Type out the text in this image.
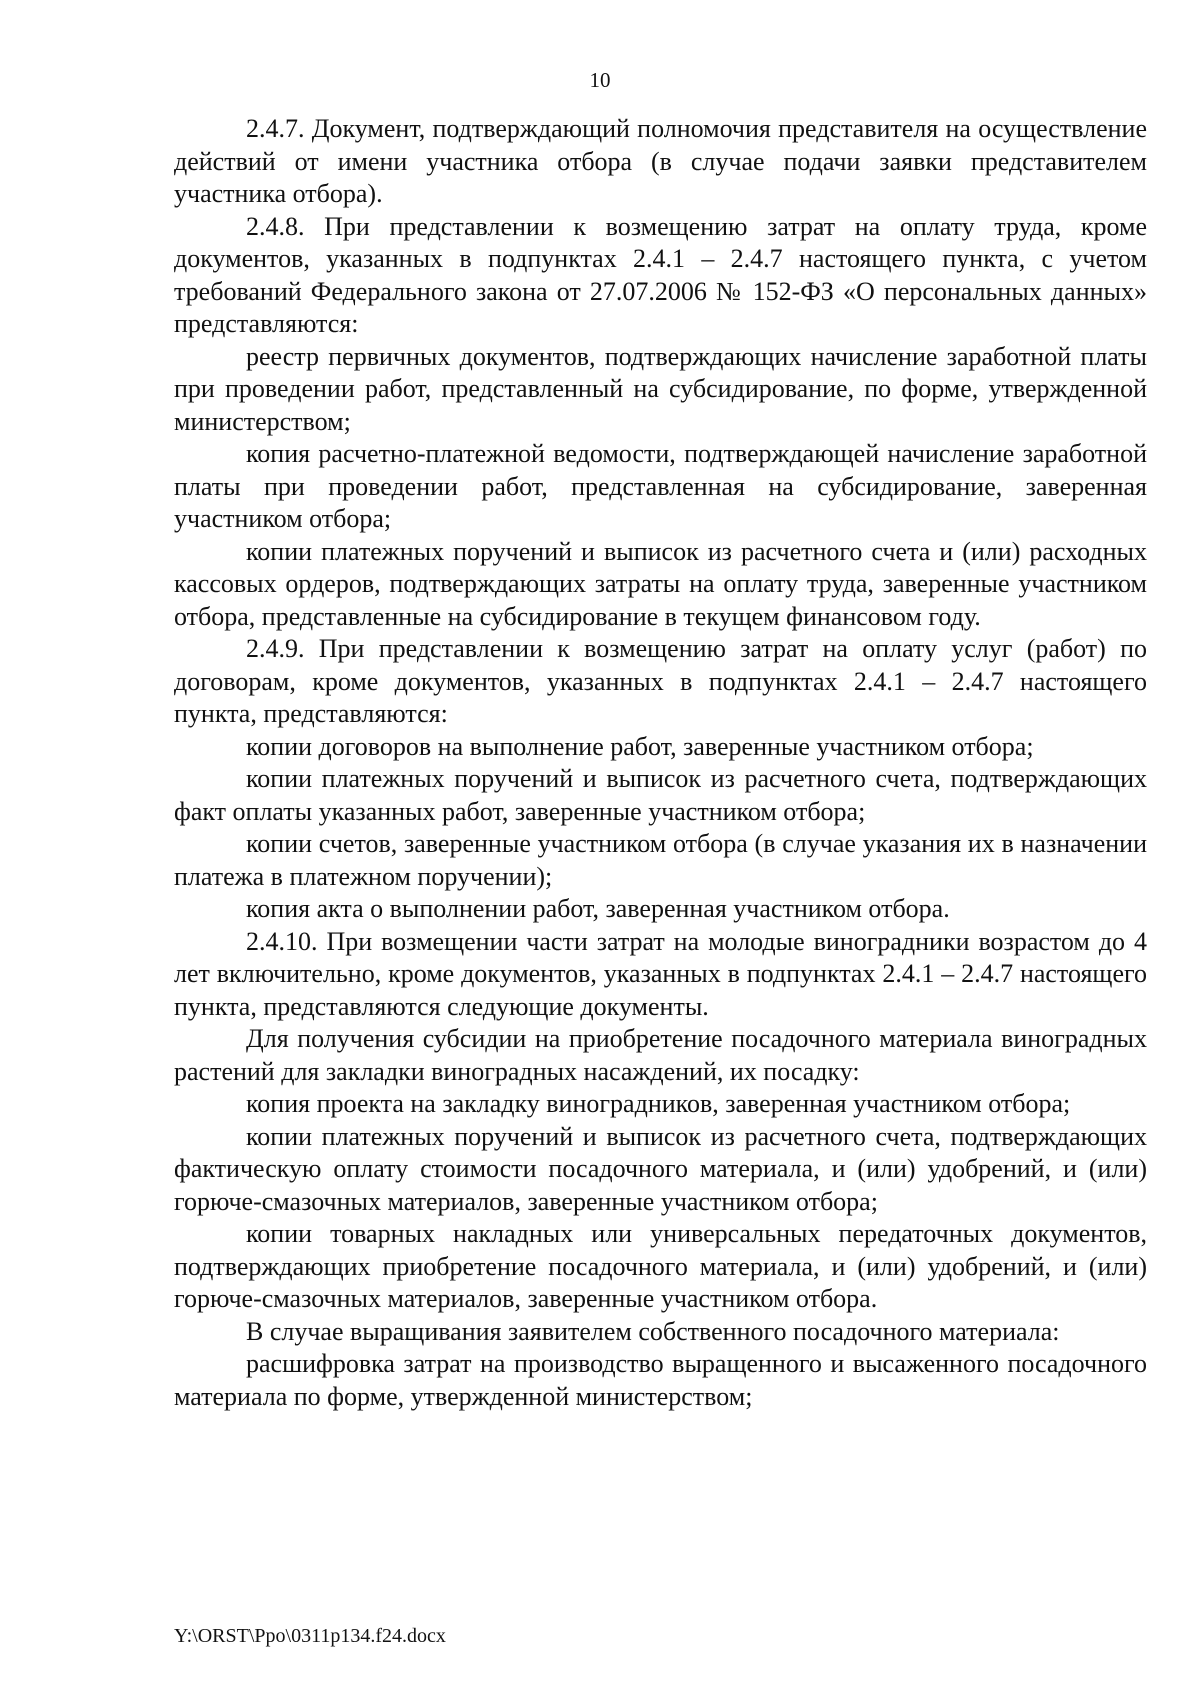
10

2.4.7. Документ, подтверждающий полномочия представителя на осуществление действий от имени участника отбора (в случае подачи заявки представителем участника отбора).

2.4.8. При представлении к возмещению затрат на оплату труда, кроме документов, указанных в подпунктах 2.4.1 – 2.4.7 настоящего пункта, с учетом требований Федерального закона от 27.07.2006 № 152-ФЗ «О персональных данных» представляются:

реестр первичных документов, подтверждающих начисление заработной платы при проведении работ, представленный на субсидирование, по форме, утвержденной министерством;

копия расчетно-платежной ведомости, подтверждающей начисление заработной платы при проведении работ, представленная на субсидирование, заверенная участником отбора;

копии платежных поручений и выписок из расчетного счета и (или) расходных кассовых ордеров, подтверждающих затраты на оплату труда, заверенные участником отбора, представленные на субсидирование в текущем финансовом году.

2.4.9. При представлении к возмещению затрат на оплату услуг (работ) по договорам, кроме документов, указанных в подпунктах 2.4.1 – 2.4.7 настоящего пункта, представляются:

копии договоров на выполнение работ, заверенные участником отбора;

копии платежных поручений и выписок из расчетного счета, подтверждающих факт оплаты указанных работ, заверенные участником отбора;

копии счетов, заверенные участником отбора (в случае указания их в назначении платежа в платежном поручении);

копия акта о выполнении работ, заверенная участником отбора.

2.4.10. При возмещении части затрат на молодые виноградники возрастом до 4 лет включительно, кроме документов, указанных в подпунктах 2.4.1 – 2.4.7 настоящего пункта, представляются следующие документы.

Для получения субсидии на приобретение посадочного материала виноградных растений для закладки виноградных насаждений, их посадку:

копия проекта на закладку виноградников, заверенная участником отбора;

копии платежных поручений и выписок из расчетного счета, подтверждающих фактическую оплату стоимости посадочного материала, и (или) удобрений, и (или) горюче-смазочных материалов, заверенные участником отбора;

копии товарных накладных или универсальных передаточных документов, подтверждающих приобретение посадочного материала, и (или) удобрений, и (или) горюче-смазочных материалов, заверенные участником отбора.

В случае выращивания заявителем собственного посадочного материала:

расшифровка затрат на производство выращенного и высаженного посадочного материала по форме, утвержденной министерством;

Y:\ORST\Ppo\0311p134.f24.docx
